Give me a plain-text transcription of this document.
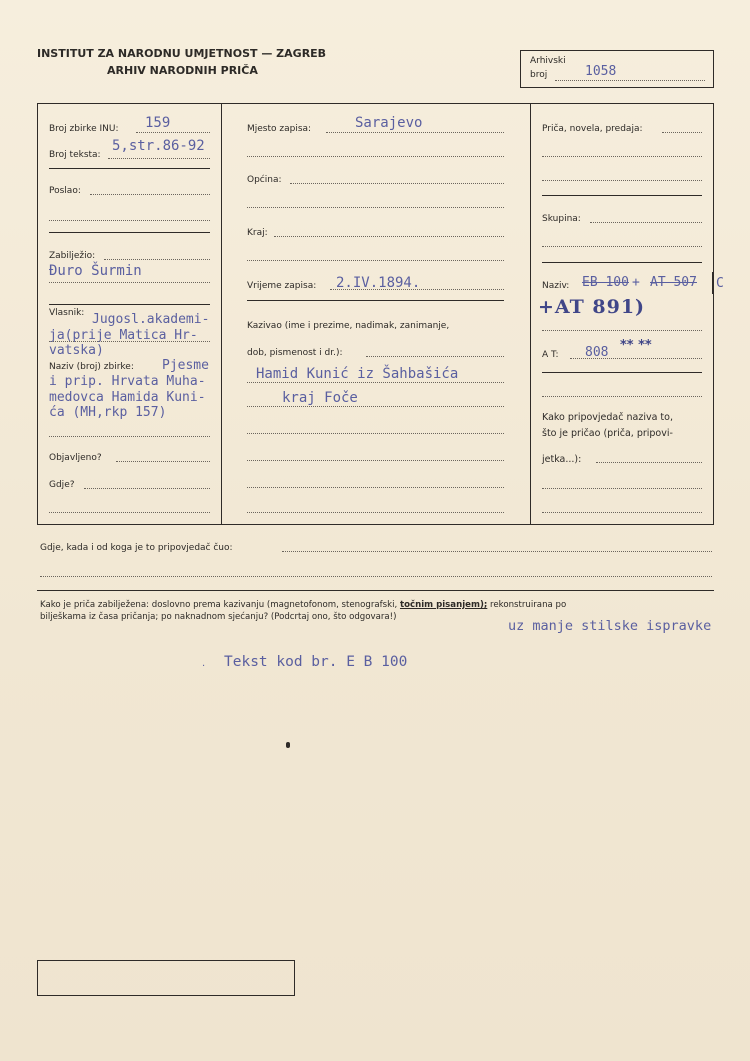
INSTITUT ZA NARODNU UMJETNOST — ZAGREB
ARHIV NARODNIH PRIČA
Arhivski
broj	1058
Broj zbirke INU: 159
Broj teksta:
5,str.86-92
Poslao:
Zabilježio:
Đuro Šurmin
Vlasnik: Jugosl.akademi-
ja(prije Matica Hr-
vatska)
Naziv (broj) zbirke: Pjesme
i prip. Hrvata Muha-
medovca Hamida Kuni-
ća (MH,rkp 157)
Objavljeno?
Gdje?
Mjesto zapisa:	Sarajevo
Općina:
Kraj:
Vrijeme zapisa: 2.IV.1894.
Kazivao (ime i prezime, nadimak, zanimanje,
dob, pismenost i dr.):
Hamid Kunić iz Šahbašića
kraj Foče
Priča, novela, predaja:
Skupina:
Naziv: EB 100 + AT 507 C
+AT 891)
A T: 808 ** **
Kako pripovjedač naziva to,
što je pričao (priča, pripovi-
jetka...):
Gdje, kada i od koga je to pripovjedač čuo:
Kako je priča zabilježena: doslovno prema kazivanju (magnetofonom, stenografski, točnim pisanjem); rekonstruirana po
bilješkama iz časa pričanja; po naknadnom sjećanju? (Podcrtaj ono, što odgovara!)
uz manje stilske ispravke
· Tekst kod br. E B 100
